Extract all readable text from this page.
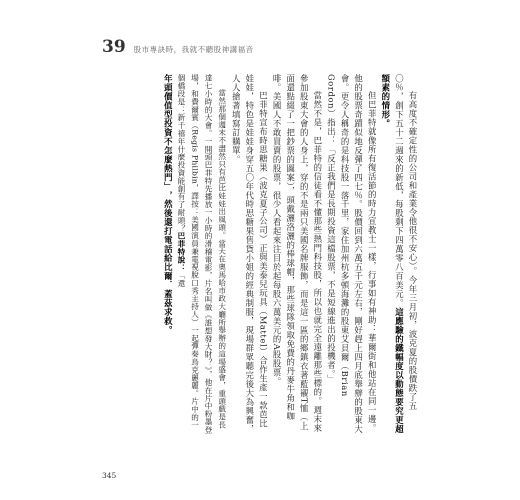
39 股市專訣時，我就不聽股神講福音

有高度不確定性的公司和產業令他很不安心）。今年三月初，波克夏的股價跌了五〇％，創下五十二週來的新低，每股剩下四萬零八百美元。這應驗的鐵幅度以動態要究更超額素的情形。

但巴菲特就像所有復活節的時力宣教士一樣，行事如有神助：華爾街和他站在同一邊。他的股票奇蹟似地反彈了四七％。股價回到六萬五千元左右，剛好趕上四月底舉辦的股東大會。更令人稱奇的是科技股一落千里，家住加州杭多頓海灘的股東艾貝爾（Brian Gordon）指出：「反正我們是長期投資這檔股票，不是短線進出的投機者。」

當然不是，巴菲特的信徒看不懂那些熱門科技股，所以也就完全遠離那些標的。週末來參加股東大會的人身上，穿的不是兩只美國名牌服飾，而是這一區的鄉鎮衣著藍襯T恤（上面還點綴了一把鈔票的圖案），頭戴灑洛灑的棒球帽，那些球隊領取免費的丹麥牛角和咖啡。美國人不敢買賣的股票，很少人看起來注目於起每股六萬美元的A股股票。

巴菲特宣布時思糖果（波克夏子公司）正與美泰兒玩具（Mattel）合作生產一款芭比娃娃，特色是娃娃身穿五〇年代時思糖果售貨小姐的經典制服，現場群眾聽完後大為興奮，人人搶著填寫訂購單。

當然那個週末不盡然只有芭比娃娃出風頭。當天在奧馬哈市政大廳所舉辦的這場盛會，重頭戲是長達七小時的大會。一開頭巴菲特先播放一小時的滑稽電影，片名叫做《誰想發大財？》，他在片中粉墨登場，和費爾賓（Regis Philbin，譯按：美國演員兼電視脫口秀主持人）一起彈奏烏克麗麗。片中的一個橋段是：新千禧年什麼投資能創有了耐頭？巴菲特說：「還

年頭價值型投資不怎麼熱門」，然後還打電話給比爾．蓋茲求救。

345
